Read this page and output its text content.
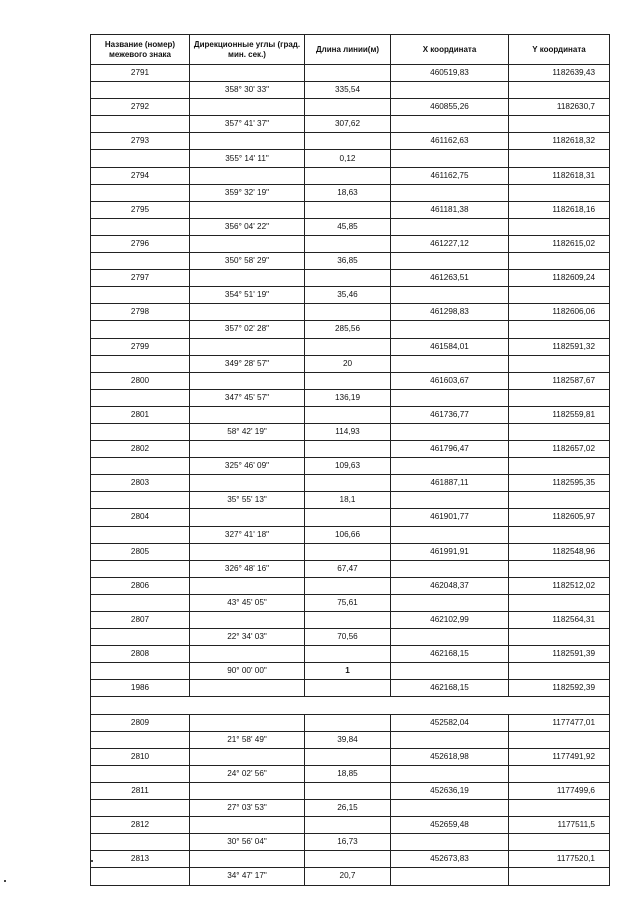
Название (номер) межевого знака	Дирекционные углы (град. мин. сек.)	Длина линии(м)	Х координата	Y координата
2791			460519,83	1182639,43
	358° 30' 33"	335,54		
2792			460855,26	1182630,7
	357° 41' 37"	307,62		
2793			461162,63	1182618,32
	355° 14' 11"	0,12		
2794			461162,75	1182618,31
	359° 32' 19"	18,63		
2795			461181,38	1182618,16
	356° 04' 22"	45,85		
2796			461227,12	1182615,02
	350° 58' 29"	36,85		
2797			461263,51	1182609,24
	354° 51' 19"	35,46		
2798			461298,83	1182606,06
	357° 02' 28"	285,56		
2799			461584,01	1182591,32
	349° 28' 57"	20		
2800			461603,67	1182587,67
	347° 45' 57"	136,19		
2801			461736,77	1182559,81
	58° 42' 19"	114,93		
2802			461796,47	1182657,02
	325° 46' 09"	109,63		
2803			461887,11	1182595,35
	35° 55' 13"	18,1		
2804			461901,77	1182605,97
	327° 41' 18"	106,66		
2805			461991,91	1182548,96
	326° 48' 16"	67,47		
2806			462048,37	1182512,02
	43° 45' 05"	75,61		
2807			462102,99	1182564,31
	22° 34' 03"	70,56		
2808			462168,15	1182591,39
	90° 00' 00"	1		
1986			462168,15	1182592,39

2809			452582,04	1177477,01
	21° 58' 49"	39,84		
2810			452618,98	1177491,92
	24° 02' 56"	18,85		
2811			452636,19	1177499,6
	27° 03' 53"	26,15		
2812			452659,48	1177511,5
	30° 56' 04"	16,73		
2813			452673,83	1177520,1
	34° 47' 17"	20,7		
